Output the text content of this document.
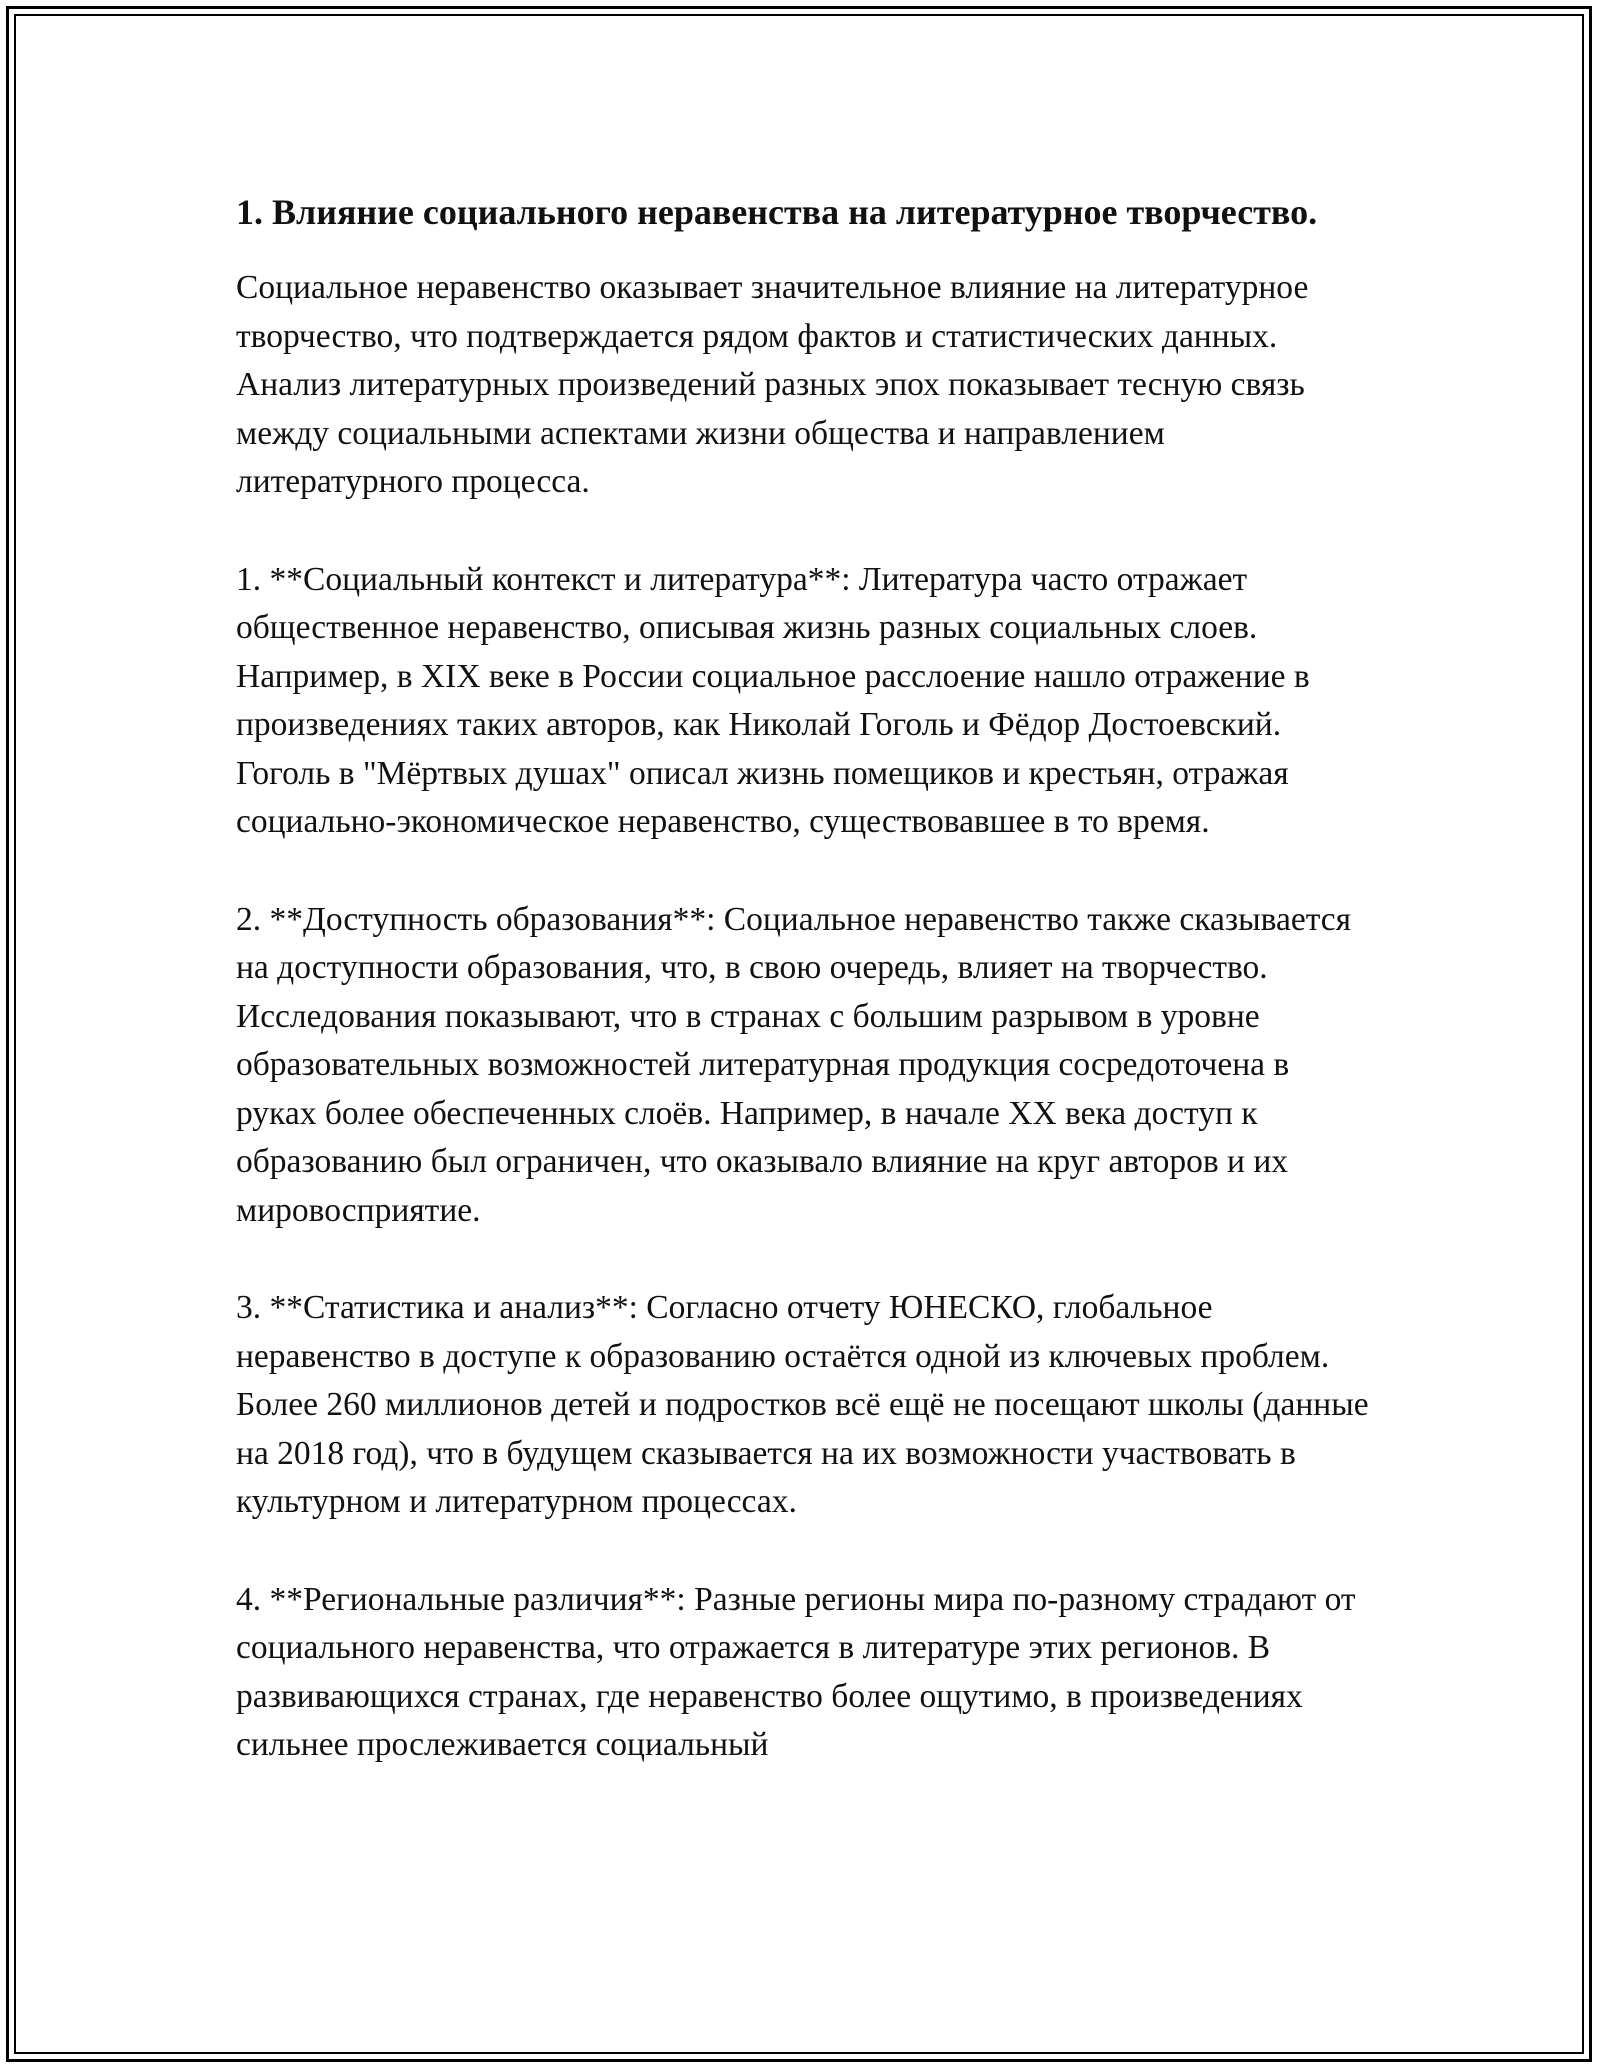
1. Влияние социального неравенства на литературное творчество.

Социальное неравенство оказывает значительное влияние на литературное творчество, что подтверждается рядом фактов и статистических данных. Анализ литературных произведений разных эпох показывает тесную связь между социальными аспектами жизни общества и направлением литературного процесса.

1. **Социальный контекст и литература**: Литература часто отражает общественное неравенство, описывая жизнь разных социальных слоев. Например, в XIX веке в России социальное расслоение нашло отражение в произведениях таких авторов, как Николай Гоголь и Фёдор Достоевский. Гоголь в "Мёртвых душах" описал жизнь помещиков и крестьян, отражая социально-экономическое неравенство, существовавшее в то время.

2. **Доступность образования**: Социальное неравенство также сказывается на доступности образования, что, в свою очередь, влияет на творчество. Исследования показывают, что в странах с большим разрывом в уровне образовательных возможностей литературная продукция сосредоточена в руках более обеспеченных слоёв. Например, в начале XX века доступ к образованию был ограничен, что оказывало влияние на круг авторов и их мировосприятие.

3. **Статистика и анализ**: Согласно отчету ЮНЕСКО, глобальное неравенство в доступе к образованию остаётся одной из ключевых проблем. Более 260 миллионов детей и подростков всё ещё не посещают школы (данные на 2018 год), что в будущем сказывается на их возможности участвовать в культурном и литературном процессах.

4. **Региональные различия**: Разные регионы мира по-разному страдают от социального неравенства, что отражается в литературе этих регионов. В развивающихся странах, где неравенство более ощутимо, в произведениях сильнее прослеживается социальный
